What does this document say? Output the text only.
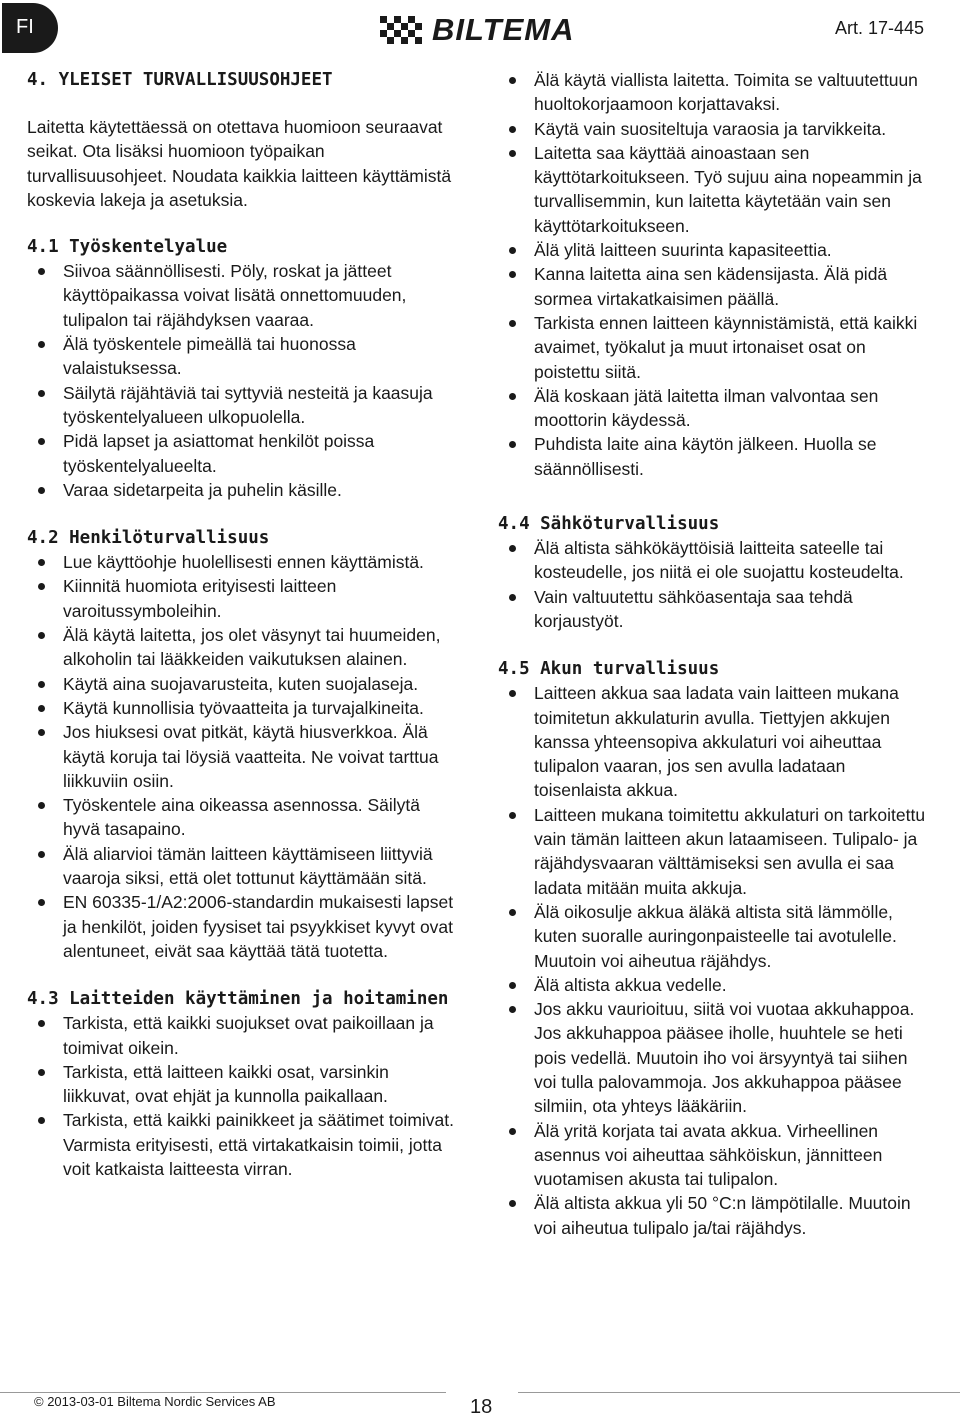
FI	BILTEMA	Art. 17-445
4. YLEISET TURVALLISUUSOHJEET

Laitetta käytettäessä on otettava huomioon seuraavat seikat. Ota lisäksi huomioon työpaikan turvallisuusohjeet. Noudata kaikkia laitteen käyttämistä koskevia lakeja ja asetuksia.

4.1 Työskentelyalue
Siivoa säännöllisesti. Pöly, roskat ja jätteet käyttöpaikassa voivat lisätä onnettomuuden, tulipalon tai räjähdyksen vaaraa.
Älä työskentele pimeällä tai huonossa valaistuksessa.
Säilytä räjähtäviä tai syttyviä nesteitä ja kaasuja työskentelyalueen ulkopuolella.
Pidä lapset ja asiattomat henkilöt poissa työskentelyalueelta.
Varaa sidetarpeita ja puhelin käsille.
4.2 Henkilöturvallisuus
Lue käyttöohje huolellisesti ennen käyttämistä.
Kiinnitä huomiota erityisesti laitteen varoitussymboleihin.
Älä käytä laitetta, jos olet väsynyt tai huumeiden, alkoholin tai lääkkeiden vaikutuksen alainen.
Käytä aina suojavarusteita, kuten suojalaseja.
Käytä kunnollisia työvaatteita ja turvajalkineita.
Jos hiuksesi ovat pitkät, käytä hiusverkkoa. Älä käytä koruja tai löysiä vaatteita. Ne voivat tarttua liikkuviin osiin.
Työskentele aina oikeassa asennossa. Säilytä hyvä tasapaino.
Älä aliarvioi tämän laitteen käyttämiseen liittyviä vaaroja siksi, että olet tottunut käyttämään sitä.
EN 60335-1/A2:2006-standardin mukaisesti lapset ja henkilöt, joiden fyysiset tai psyykkiset kyvyt ovat alentuneet, eivät saa käyttää tätä tuotetta.
4.3 Laitteiden käyttäminen ja hoitaminen
Tarkista, että kaikki suojukset ovat paikoillaan ja toimivat oikein.
Tarkista, että laitteen kaikki osat, varsinkin liikkuvat, ovat ehjät ja kunnolla paikallaan.
Tarkista, että kaikki painikkeet ja säätimet toimivat. Varmista erityisesti, että virtakatkaisin toimii, jotta voit katkaista laitteesta virran.
Älä käytä viallista laitetta. Toimita se valtuutettuun huoltokorjaamoon korjattavaksi.
Käytä vain suositeltuja varaosia ja tarvikkeita.
Laitetta saa käyttää ainoastaan sen käyttötarkoitukseen. Työ sujuu aina nopeammin ja turvallisemmin, kun laitetta käytetään vain sen käyttötarkoitukseen.
Älä ylitä laitteen suurinta kapasiteettia.
Kanna laitetta aina sen kädensijasta. Älä pidä sormea virtakatkaisimen päällä.
Tarkista ennen laitteen käynnistämistä, että kaikki avaimet, työkalut ja muut irtonaiset osat on poistettu siitä.
Älä koskaan jätä laitetta ilman valvontaa sen moottorin käydessä.
Puhdista laite aina käytön jälkeen. Huolla se säännöllisesti.
4.4 Sähköturvallisuus
Älä altista sähkökäyttöisiä laitteita sateelle tai kosteudelle, jos niitä ei ole suojattu kosteudelta.
Vain valtuutettu sähköasentaja saa tehdä korjaustyöt.
4.5 Akun turvallisuus
Laitteen akkua saa ladata vain laitteen mukana toimitetun akkulaturin avulla. Tiettyjen akkujen kanssa yhteensopiva akkulaturi voi aiheuttaa tulipalon vaaran, jos sen avulla ladataan toisenlaista akkua.
Laitteen mukana toimitettu akkulaturi on tarkoitettu vain tämän laitteen akun lataamiseen. Tulipalo- ja räjähdysvaaran välttämiseksi sen avulla ei saa ladata mitään muita akkuja.
Älä oikosulje akkua äläkä altista sitä lämmölle, kuten suoralle auringonpaisteelle tai avotulelle. Muutoin voi aiheutua räjähdys.
Älä altista akkua vedelle.
Jos akku vaurioituu, siitä voi vuotaa akkuhappoa. Jos akkuhappoa pääsee iholle, huuhtele se heti pois vedellä. Muutoin iho voi ärsyyntyä tai siihen voi tulla palovammoja. Jos akkuhappoa pääsee silmiin, ota yhteys lääkäriin.
Älä yritä korjata tai avata akkua. Virheellinen asennus voi aiheuttaa sähköiskun, jännitteen vuotamisen akusta tai tulipalon.
Älä altista akkua yli 50 °C:n lämpötilalle. Muutoin voi aiheutua tulipalo ja/tai räjähdys.
© 2013-03-01 Biltema Nordic Services AB	18
